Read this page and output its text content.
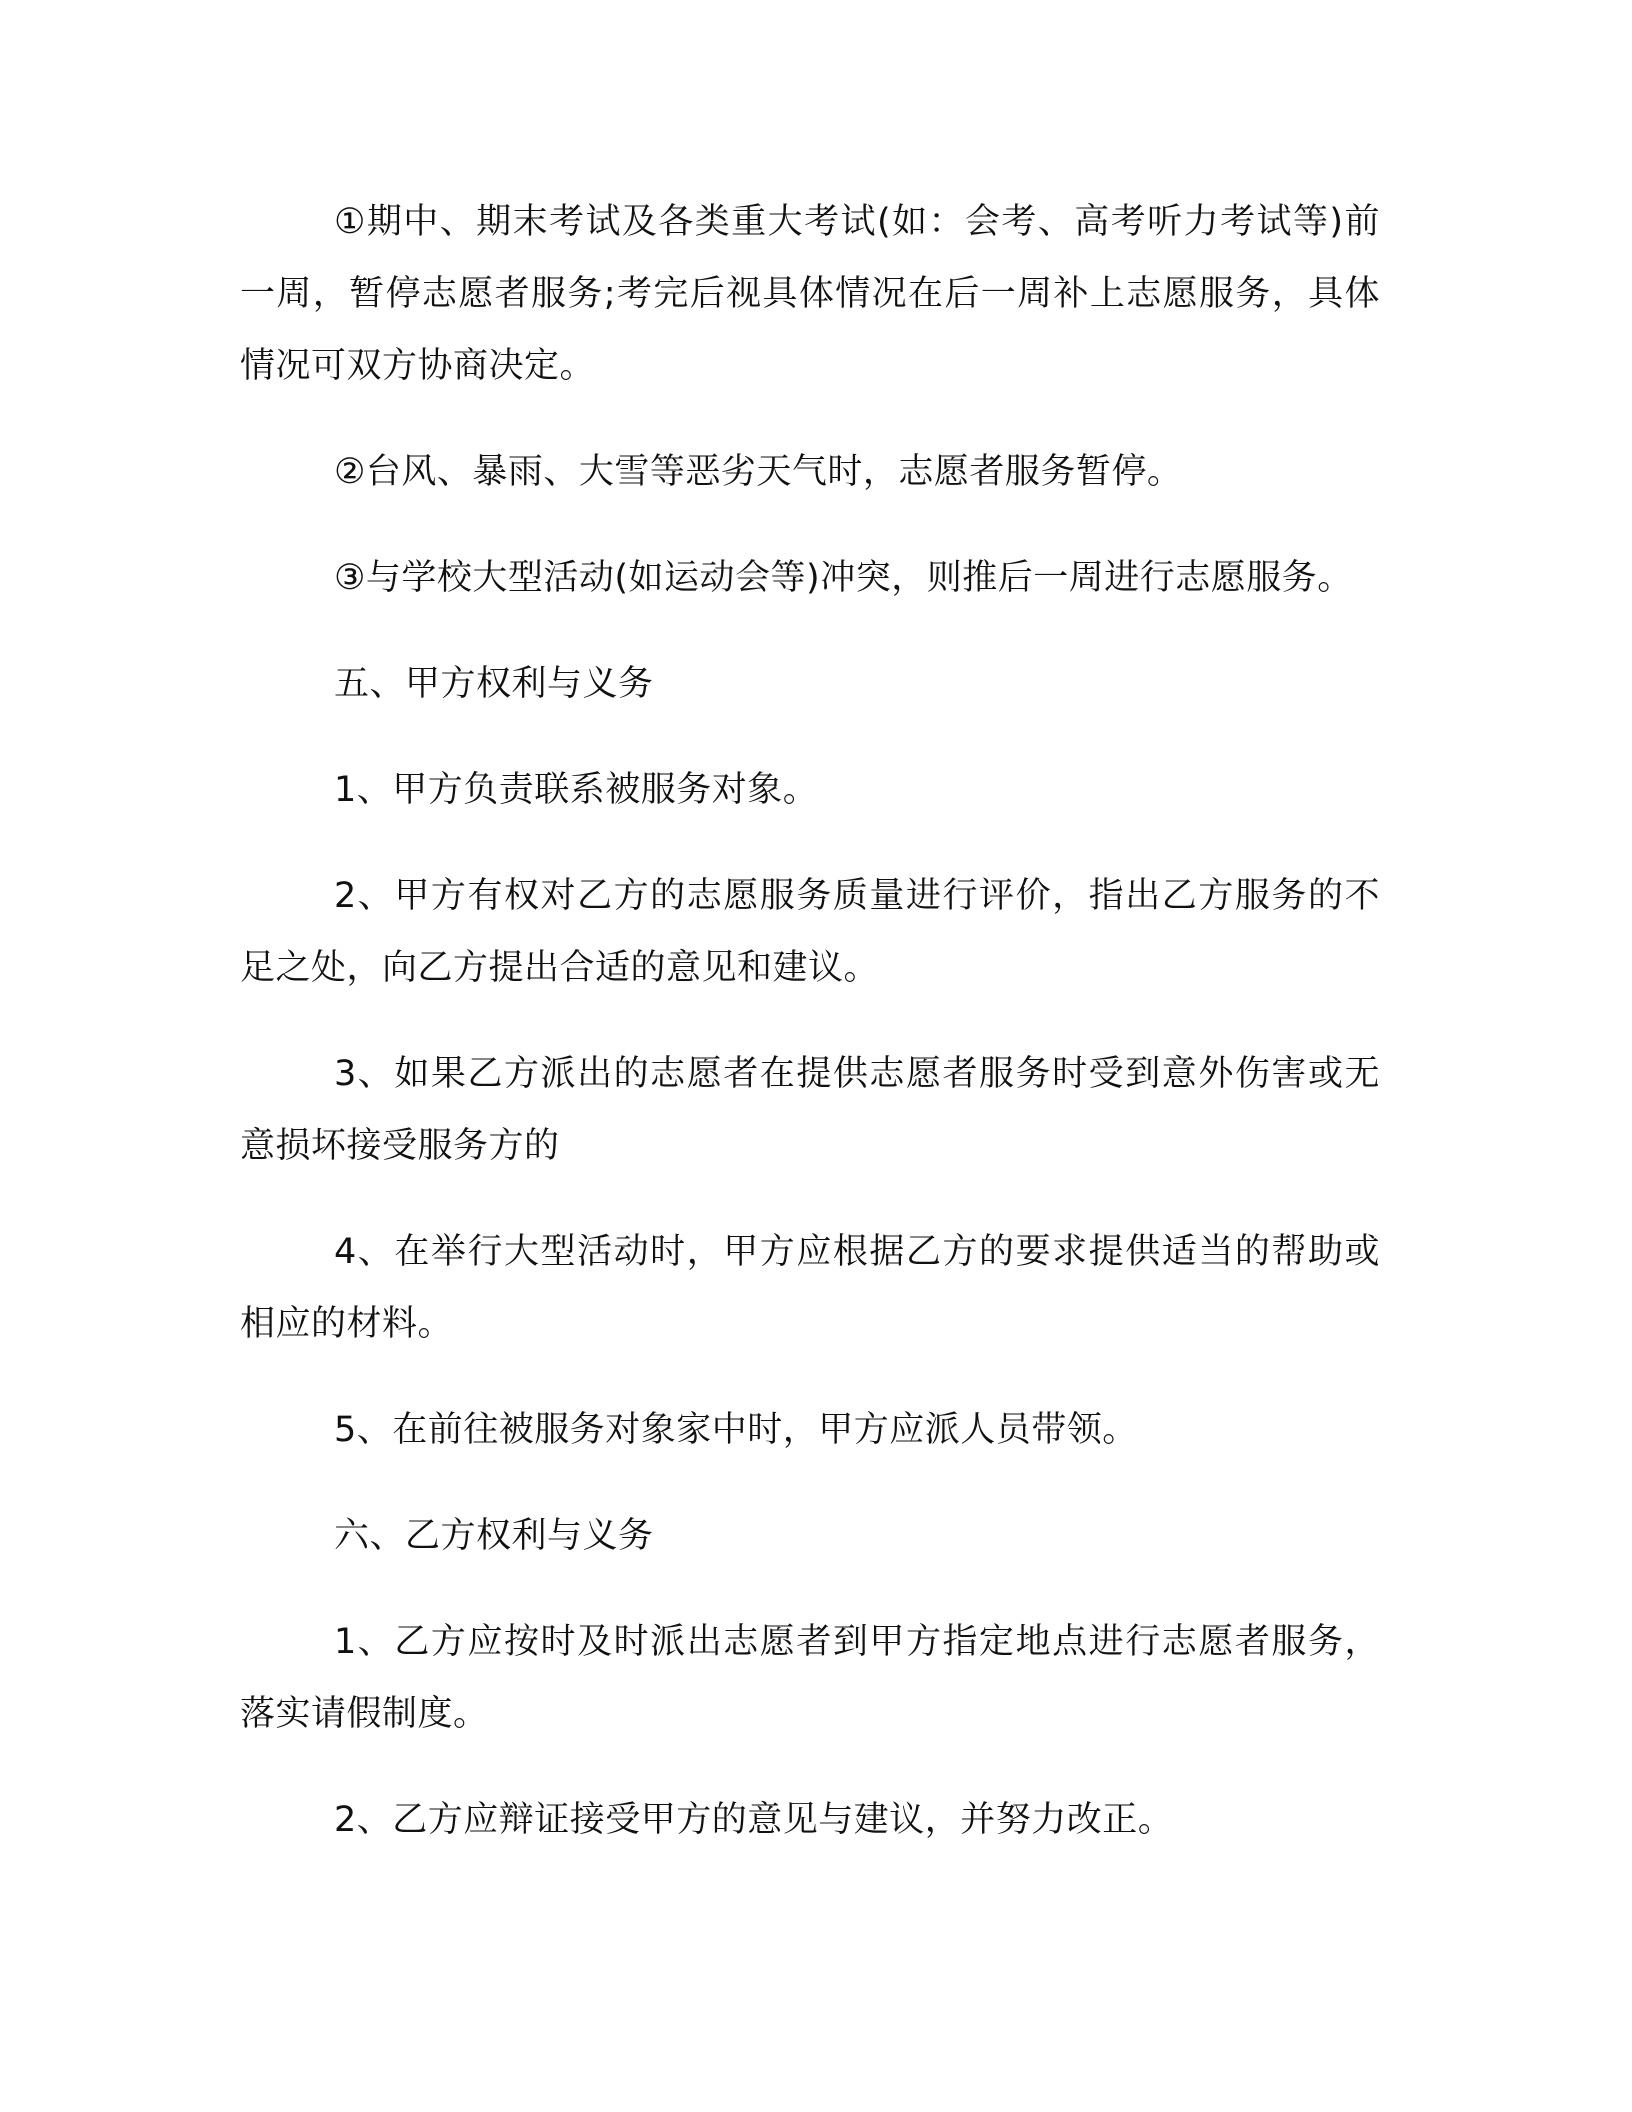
①期中、期末考试及各类重大考试(如：会考、高考听力考试等)前一周，暂停志愿者服务;考完后视具体情况在后一周补上志愿服务，具体情况可双方协商决定。

②台风、暴雨、大雪等恶劣天气时，志愿者服务暂停。

③与学校大型活动(如运动会等)冲突，则推后一周进行志愿服务。

五、甲方权利与义务

1、甲方负责联系被服务对象。

2、甲方有权对乙方的志愿服务质量进行评价，指出乙方服务的不足之处，向乙方提出合适的意见和建议。

3、如果乙方派出的志愿者在提供志愿者服务时受到意外伤害或无意损坏接受服务方的

4、在举行大型活动时，甲方应根据乙方的要求提供适当的帮助或相应的材料。

5、在前往被服务对象家中时，甲方应派人员带领。

六、乙方权利与义务

1、乙方应按时及时派出志愿者到甲方指定地点进行志愿者服务，落实请假制度。

2、乙方应辩证接受甲方的意见与建议，并努力改正。
